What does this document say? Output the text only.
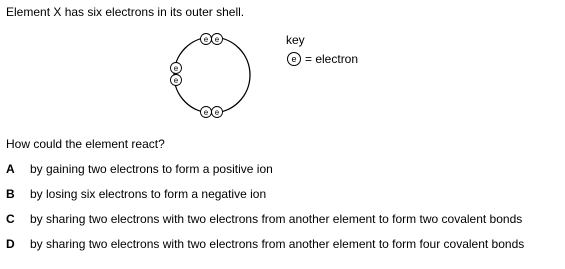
Element X has six electrons in its outer shell.
e e
e
e
e e
key
e = electron
How could the element react?
A	by gaining two electrons to form a positive ion
B	by losing six electrons to form a negative ion
C	by sharing two electrons with two electrons from another element to form two covalent bonds
D	by sharing two electrons with two electrons from another element to form four covalent bonds
